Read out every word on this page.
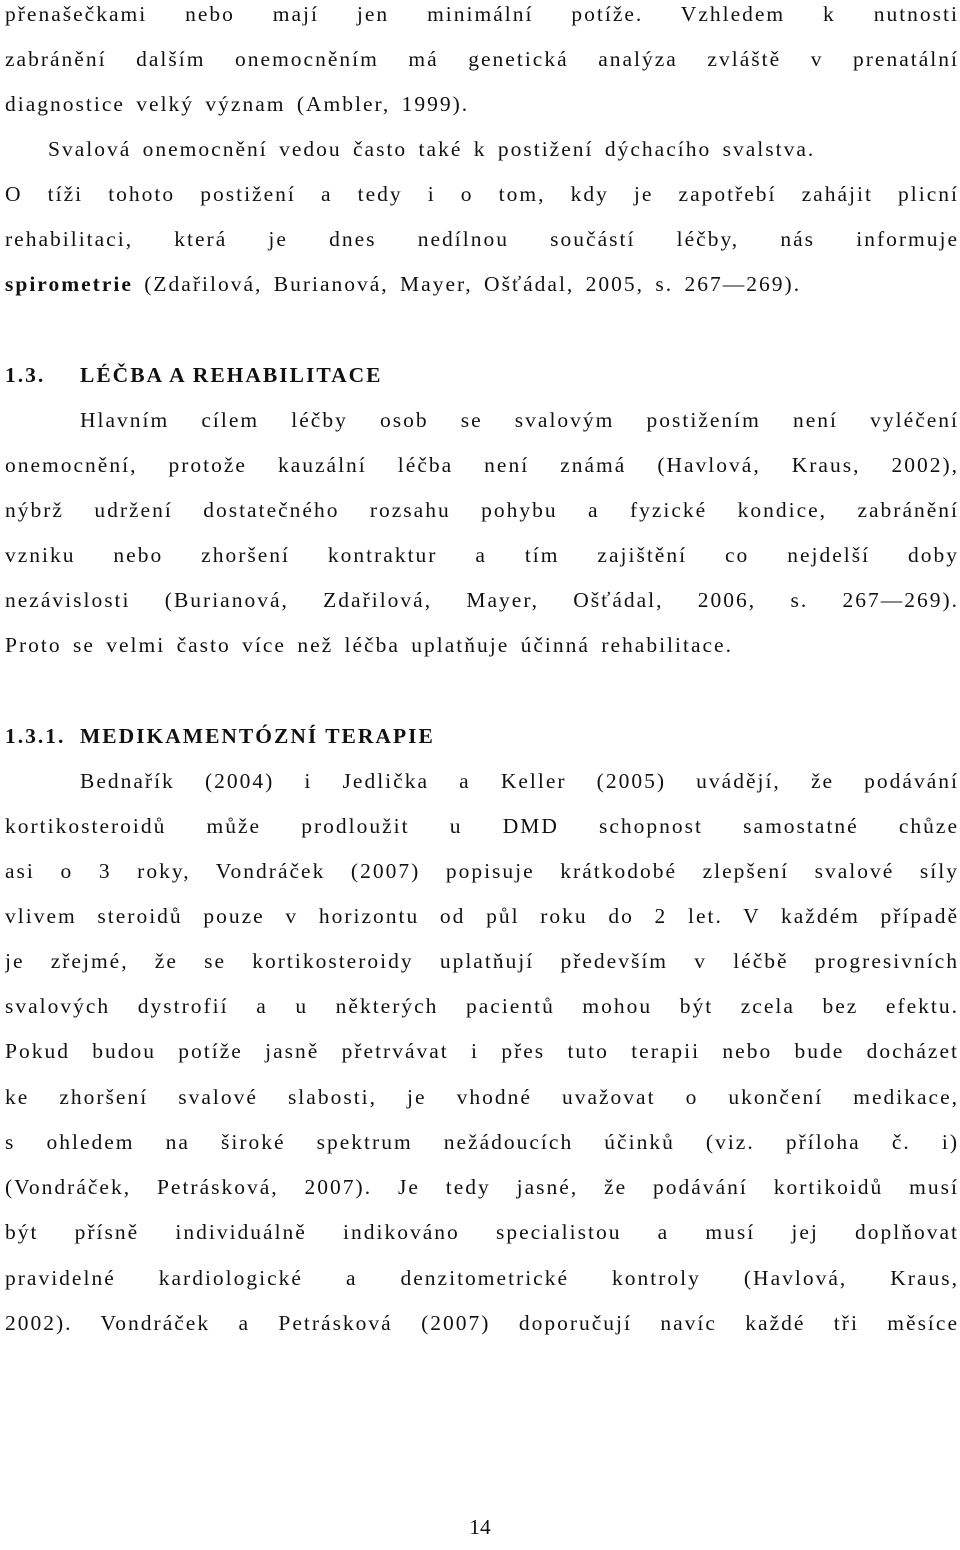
přenašečkami nebo mají jen minimální potíže. Vzhledem k nutnosti
zabránění dalším onemocněním má genetická analýza zvláště v prenatální
diagnostice velký význam (Ambler, 1999).
Svalová onemocnění vedou často také k postižení dýchacího svalstva.
O tíži tohoto postižení a tedy i o tom, kdy je zapotřebí zahájit plicní
rehabilitaci, která je dnes nedílnou součástí léčby, nás informuje
spirometrie (Zdařilová, Burianová, Mayer, Ošťádal, 2005, s. 267—269).
1.3. LÉČBA A REHABILITACE
Hlavním cílem léčby osob se svalovým postižením není vyléčení
onemocnění, protože kauzální léčba není známá (Havlová, Kraus, 2002),
nýbrž udržení dostatečného rozsahu pohybu a fyzické kondice, zabránění
vzniku nebo zhoršení kontraktur a tím zajištění co nejdelší doby
nezávislosti (Burianová, Zdařilová, Mayer, Ošťádal, 2006, s. 267—269).
Proto se velmi často více než léčba uplatňuje účinná rehabilitace.
1.3.1. MEDIKAMENTÓZNÍ TERAPIE
Bednařík (2004) i Jedlička a Keller (2005) uvádějí, že podávání
kortikosteroidů může prodloužit u DMD schopnost samostatné chůze
asi o 3 roky, Vondráček (2007) popisuje krátkodobé zlepšení svalové síly
vlivem steroidů pouze v horizontu od půl roku do 2 let. V každém případě
je zřejmé, že se kortikosteroidy uplatňují především v léčbě progresivních
svalových dystrofií a u některých pacientů mohou být zcela bez efektu.
Pokud budou potíže jasně přetrvávat i přes tuto terapii nebo bude docházet
ke zhoršení svalové slabosti, je vhodné uvažovat o ukončení medikace,
s ohledem na široké spektrum nežádoucích účinků (viz. příloha č. i)
(Vondráček, Petrásková, 2007). Je tedy jasné, že podávání kortikoidů musí
být přísně individuálně indikováno specialistou a musí jej doplňovat
pravidelné kardiologické a denzitometrické kontroly (Havlová, Kraus,
2002). Vondráček a Petrásková (2007) doporučují navíc každé tři měsíce
14
